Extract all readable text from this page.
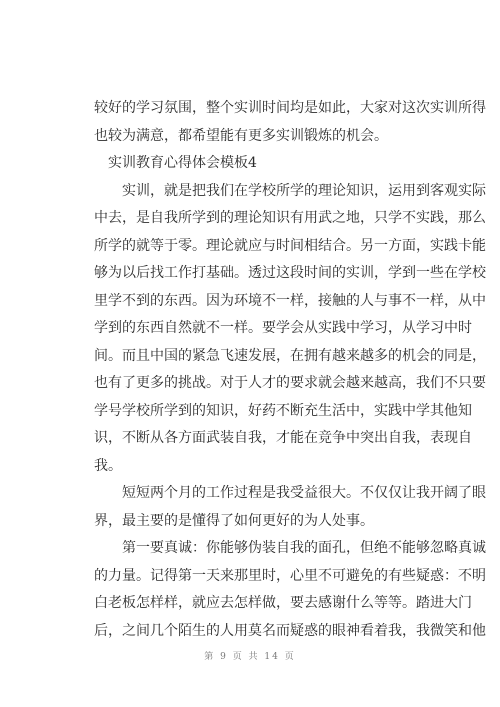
较好的学习氛围，整个实训时间均是如此，大家对这次实训所得
也较为满意，都希望能有更多实训锻炼的机会。
实训教育心得体会模板4
实训，就是把我们在学校所学的理论知识，运用到客观实际
中去，是自我所学到的理论知识有用武之地，只学不实践，那么
所学的就等于零。理论就应与时间相结合。另一方面，实践卡能
够为以后找工作打基础。透过这段时间的实训，学到一些在学校
里学不到的东西。因为环境不一样，接触的人与事不一样，从中
学到的东西自然就不一样。要学会从实践中学习，从学习中时
间。而且中国的紧急飞速发展，在拥有越来越多的机会的同是，
也有了更多的挑战。对于人才的要求就会越来越高，我们不只要
学号学校所学到的知识，好药不断充生活中，实践中学其他知
识，不断从各方面武装自我，才能在竞争中突出自我，表现自
我。
短短两个月的工作过程是我受益很大。不仅仅让我开阔了眼
界，最主要的是懂得了如何更好的为人处事。
第一要真诚：你能够伪装自我的面孔，但绝不能够忽略真诚
的力量。记得第一天来那里时，心里不可避免的有些疑惑：不明
白老板怎样样，就应去怎样做，要去感谢什么等等。踏进大门
后，之间几个陌生的人用莫名而疑惑的眼神看着我，我微笑和他
第 9 页 共 14 页
